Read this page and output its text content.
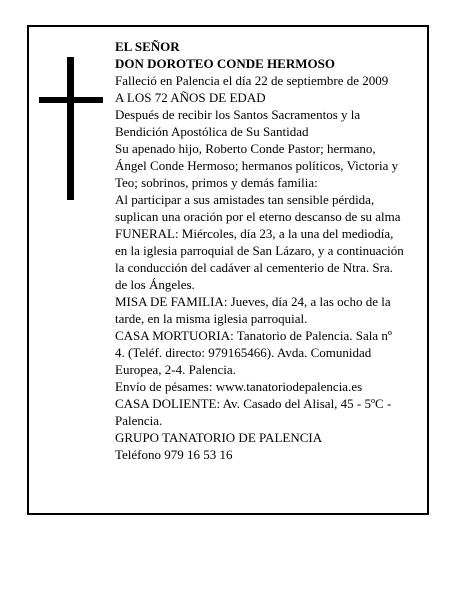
EL SEÑOR
DON DOROTEO CONDE HERMOSO
Falleció en Palencia el día 22 de septiembre de 2009
A LOS 72 AÑOS DE EDAD
Después de recibir los Santos Sacramentos y la
Bendición Apostólica de Su Santidad
Su apenado hijo, Roberto Conde Pastor; hermano,
Ángel Conde Hermoso; hermanos políticos, Victoria y
Teo; sobrinos, primos y demás familia:
Al participar a sus amistades tan sensible pérdida,
suplican una oración por el eterno descanso de su alma
FUNERAL: Miércoles, día 23, a la una del mediodía,
en la iglesia parroquial de San Lázaro, y a continuación
la conducción del cadáver al cementerio de Ntra. Sra.
de los Ángeles.
MISA DE FAMILIA: Jueves, día 24, a las ocho de la
tarde, en la misma iglesia parroquial.
CASA MORTUORIA: Tanatorio de Palencia. Sala nº
4. (Teléf. directo: 979165466). Avda. Comunidad
Europea, 2-4. Palencia.
Envío de pésames: www.tanatoriodepalencia.es
CASA DOLIENTE: Av. Casado del Alisal, 45 - 5ºC -
Palencia.
GRUPO TANATORIO DE PALENCIA
Teléfono 979 16 53 16
